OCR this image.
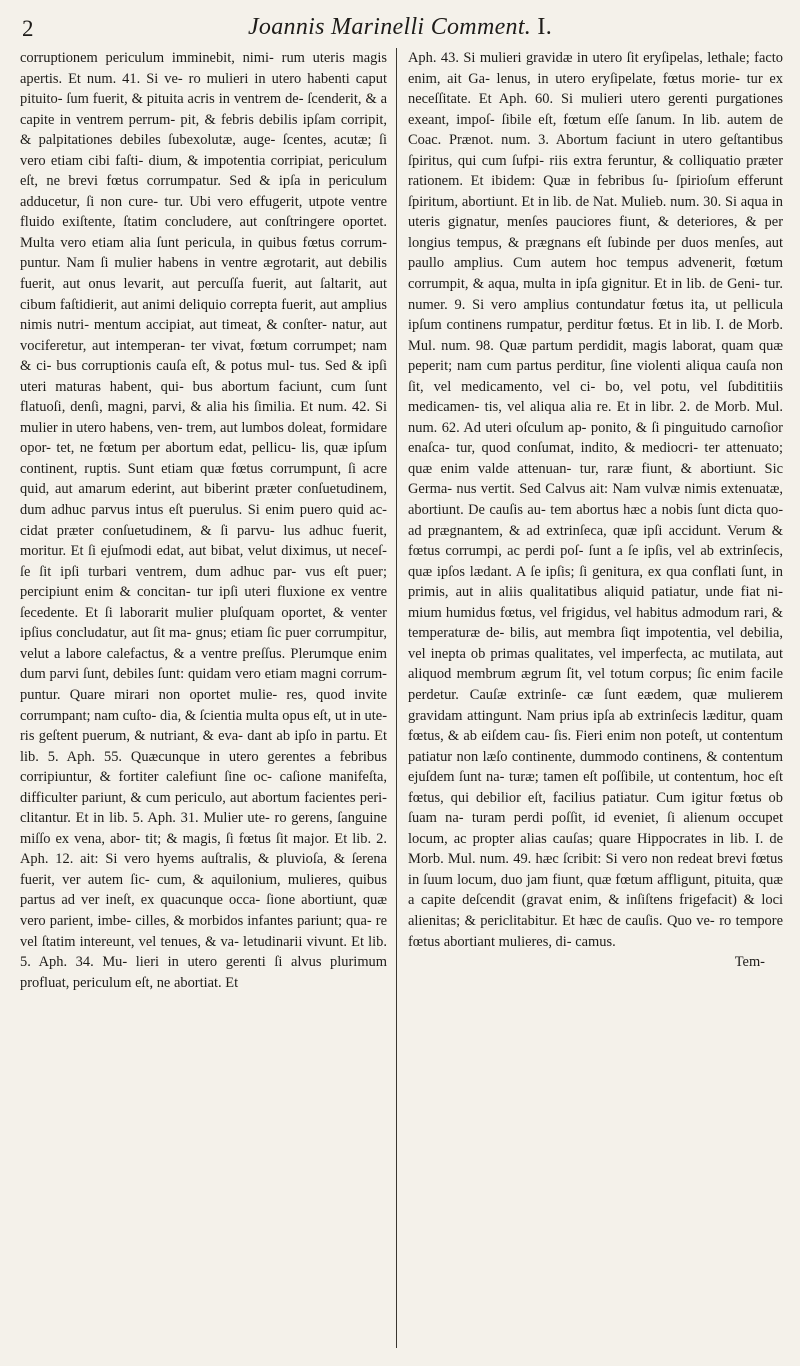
2	Joannis Marinelli Comment. I.

corruptionem periculum imminebit, nimi- rum uteris magis apertis. Et num. 41. Si ve- ro mulieri in utero habenti caput pituito- ſum fuerit, & pituita acris in ventrem de- ſcenderit, & a capite in ventrem perrum- pit, & febris debilis ipſam corripit, & palpitationes debiles ſubexolutæ, auge- ſcentes, acutæ; ſi vero etiam cibi faſti- dium, & impotentia corripiat, periculum eſt, ne brevi fœtus corrumpatur. Sed & ipſa in periculum adducetur, ſi non cure- tur. Ubi vero effugerit, utpote ventre fluido exiſtente, ſtatim concludere, aut conſtringere oportet. Multa vero etiam alia ſunt pericula, in quibus fœtus corrum- puntur. Nam ſi mulier habens in ventre ægrotarit, aut debilis fuerit, aut onus levarit, aut percuſſa fuerit, aut ſaltarit, aut cibum faſtidierit, aut animi deliquio correpta fuerit, aut amplius nimis nutri- mentum accipiat, aut timeat, & conſter- natur, aut vociferetur, aut intemperan- ter vivat, fœtum corrumpet; nam & ci- bus corruptionis cauſa eſt, & potus mul- tus. Sed & ipſi uteri maturas habent, qui- bus abortum faciunt, cum ſunt flatuoſi, denſi, magni, parvi, & alia his ſimilia. Et num. 42. Si mulier in utero habens, ven- trem, aut lumbos doleat, formidare opor- tet, ne fœtum per abortum edat, pellicu- lis, quæ ipſum continent, ruptis. Sunt etiam quæ fœtus corrumpunt, ſi acre quid, aut amarum ederint, aut biberint præter conſuetudinem, dum adhuc parvus intus eſt puerulus. Si enim puero quid ac- cidat præter conſuetudinem, & ſi parvu- lus adhuc fuerit, moritur. Et ſi ejuſmodi edat, aut bibat, velut diximus, ut neceſ- ſe ſit ipſi turbari ventrem, dum adhuc par- vus eſt puer; percipiunt enim & concitan- tur ipſi uteri fluxione ex ventre ſecedente. Et ſi laborarit mulier pluſquam oportet, & venter ipſius concludatur, aut ſit ma- gnus; etiam ſic puer corrumpitur, velut a labore calefactus, & a ventre preſſus. Plerumque enim dum parvi ſunt, debiles ſunt: quidam vero etiam magni corrum- puntur. Quare mirari non oportet mulie- res, quod invite corrumpant; nam cuſto- dia, & ſcientia multa opus eſt, ut in ute- ris geſtent puerum, & nutriant, & eva- dant ab ipſo in partu. Et lib. 5. Aph. 55. Quæcunque in utero gerentes a febribus corripiuntur, & fortiter calefiunt ſine oc- caſione manifeſta, difficulter pariunt, & cum periculo, aut abortum facientes peri- clitantur. Et in lib. 5. Aph. 31. Mulier ute- ro gerens, ſanguine miſſo ex vena, abor- tit; & magis, ſi fœtus ſit major. Et lib. 2. Aph. 12. ait: Si vero hyems auſtralis, & pluvioſa, & ſerena fuerit, ver autem ſic- cum, & aquilonium, mulieres, quibus partus ad ver ineſt, ex quacunque occa- ſione abortiunt, quæ vero parient, imbe- cilles, & morbidos infantes pariunt; qua- re vel ſtatim intereunt, vel tenues, & va- letudinarii vivunt. Et lib. 5. Aph. 34. Mu- lieri in utero gerenti ſi alvus plurimum profluat, periculum eſt, ne abortiat. Et

Aph. 43. Si mulieri gravidæ in utero ſit eryſipelas, lethale; facto enim, ait Ga- lenus, in utero eryſipelate, fœtus morie- tur ex neceſſitate. Et Aph. 60. Si mulieri utero gerenti purgationes exeant, impoſ- ſibile eſt, fœtum eſſe ſanum. In lib. autem de Coac. Prænot. num. 3. Abortum faciunt in utero geſtantibus ſpiritus, qui cum ſufpi- riis extra feruntur, & colliquatio præter rationem. Et ibidem: Quæ in febribus ſu- ſpirioſum efferunt ſpiritum, abortiunt. Et in lib. de Nat. Mulieb. num. 30. Si aqua in uteris gignatur, menſes pauciores fiunt, & deteriores, & per longius tempus, & prægnans eſt ſubinde per duos menſes, aut paullo amplius. Cum autem hoc tempus advenerit, fœtum corrumpit, & aqua, multa in ipſa gignitur. Et in lib. de Geni- tur. numer. 9. Si vero amplius contundatur fœtus ita, ut pellicula ipſum continens rumpatur, perditur fœtus. Et in lib. I. de Morb. Mul. num. 98. Quæ partum perdidit, magis laborat, quam quæ peperit; nam cum partus perditur, ſine violenti aliqua cauſa non ſit, vel medicamento, vel ci- bo, vel potu, vel ſubdititiis medicamen- tis, vel aliqua alia re. Et in libr. 2. de Morb. Mul. num. 62. Ad uteri oſculum ap- ponito, & ſi pinguitudo carnoſior enaſca- tur, quod conſumat, indito, & mediocri- ter attenuato; quæ enim valde attenuan- tur, raræ fiunt, & abortiunt. Sic Germa- nus vertit. Sed Calvus ait: Nam vulvæ nimis extenuatæ, abortiunt. De cauſis au- tem abortus hæc a nobis ſunt dicta quo- ad prægnantem, & ad extrinſeca, quæ ipſi accidunt. Verum & fœtus corrumpi, ac perdi poſ- ſunt a ſe ipſis, vel ab extrinſecis, quæ ipſos lædant. A ſe ipſis; ſi genitura, ex qua conflati ſunt, in primis, aut in aliis qualitatibus aliquid patiatur, unde fiat ni- mium humidus fœtus, vel frigidus, vel habitus admodum rari, & temperaturæ de- bilis, aut membra ſiqt impotentia, vel debilia, vel inepta ob primas qualitates, vel imperfecta, ac mutilata, aut aliquod membrum ægrum ſit, vel totum corpus; ſic enim facile perdetur. Cauſæ extrinſe- cæ ſunt eædem, quæ mulierem gravidam attingunt. Nam prius ipſa ab extrinſecis læditur, quam fœtus, & ab eiſdem cau- ſis. Fieri enim non poteſt, ut contentum patiatur non læſo continente, dummodo continens, & contentum ejuſdem ſunt na- turæ; tamen eſt poſſibile, ut contentum, hoc eſt fœtus, qui debilior eſt, facilius patiatur. Cum igitur fœtus ob ſuam na- turam perdi poſſit, id eveniet, ſi alienum occupet locum, ac propter alias cauſas; quare Hippocrates in lib. I. de Morb. Mul. num. 49. hæc ſcribit: Si vero non redeat brevi fœtus in ſuum locum, duo jam fiunt, quæ fœtum affligunt, pituita, quæ a capite deſcendit (gravat enim, & inſiſtens frigefacit) & loci alienitas; & periclitabitur. Et hæc de cauſis. Quo ve- ro tempore fœtus abortiant mulieres, di- camus.

Tem-
